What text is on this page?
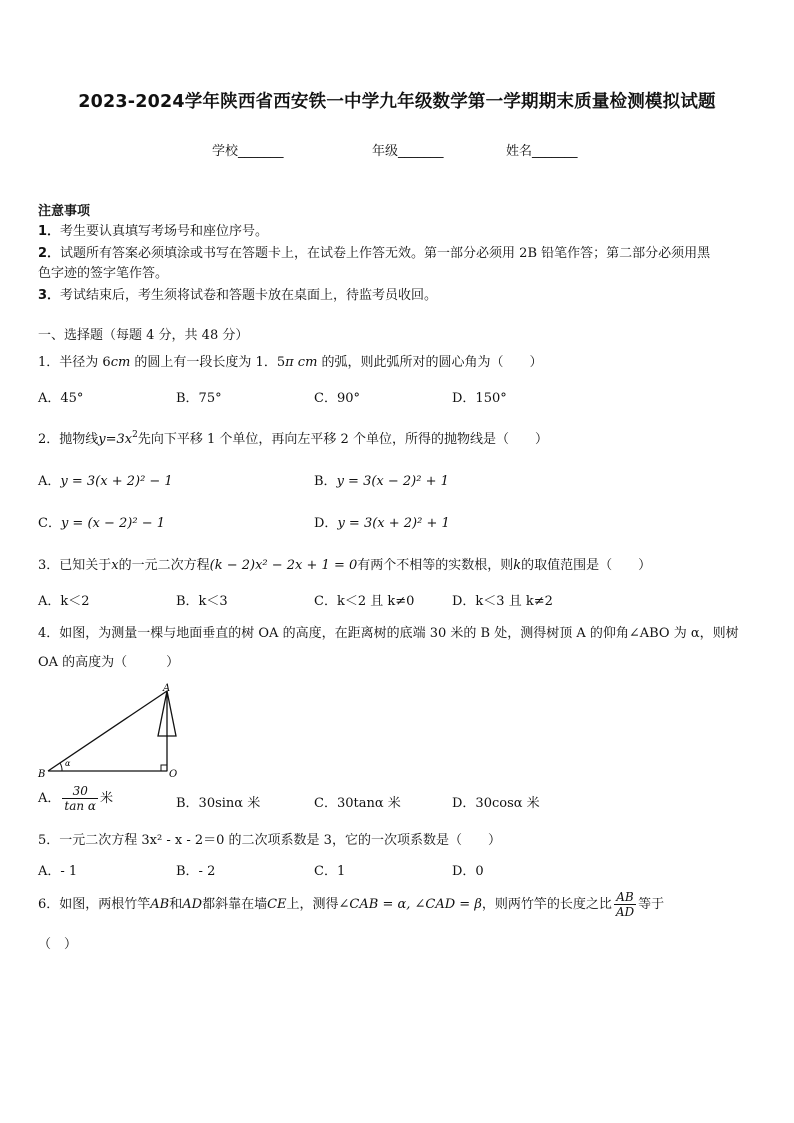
2023-2024学年陕西省西安铁一中学九年级数学第一学期期末质量检测模拟试题
学校_______	年级_______	姓名_______
注意事项
1．考生要认真填写考场号和座位序号。
2．试题所有答案必须填涂或书写在答题卡上，在试卷上作答无效。第一部分必须用 2B 铅笔作答；第二部分必须用黑
色字迹的签字笔作答。
3．考试结束后，考生须将试卷和答题卡放在桌面上，待监考员收回。
一、选择题（每题 4 分，共 48 分）
1．半径为 6cm 的圆上有一段长度为 1．5π cm 的弧，则此弧所对的圆心角为（　　）
A．45°	B．75°	C．90°	D．150°
2．抛物线$y=3x^2$先向下平移 1 个单位，再向左平移 2 个单位，所得的抛物线是（　　）
A．y = 3(x + 2)² − 1	B．y = 3(x − 2)² + 1
C．y = (x − 2)² − 1	D．y = 3(x + 2)² + 1
3．已知关于x的一元二次方程(k − 2)x² − 2x + 1 = 0有两个不相等的实数根，则k的取值范围是（　　）
A．k＜2	B．k＜3	C．k＜2 且 k≠0	D．k＜3 且 k≠2
4．如图，为测量一棵与地面垂直的树 OA 的高度，在距离树的底端 30 米的 B 处，测得树顶 A 的仰角∠ABO 为 α，则树
OA 的高度为（　　　）
α
A
B	O
A． $\frac{30}{\text{tan α}}$ 米	B．30sinα 米	C．30tanα 米	D．30cosα 米
5．一元二次方程 3x² - x - 2＝0 的二次项系数是 3，它的一次项系数是（　　）
A．- 1	B．- 2	C．1	D．0
6．如图，两根竹竿AB和AD都斜靠在墙CE上，测得∠CAB = α, ∠CAD = β，则两竹竿的长度之比 $\frac{AB}{AD}$ 等于
（　）
